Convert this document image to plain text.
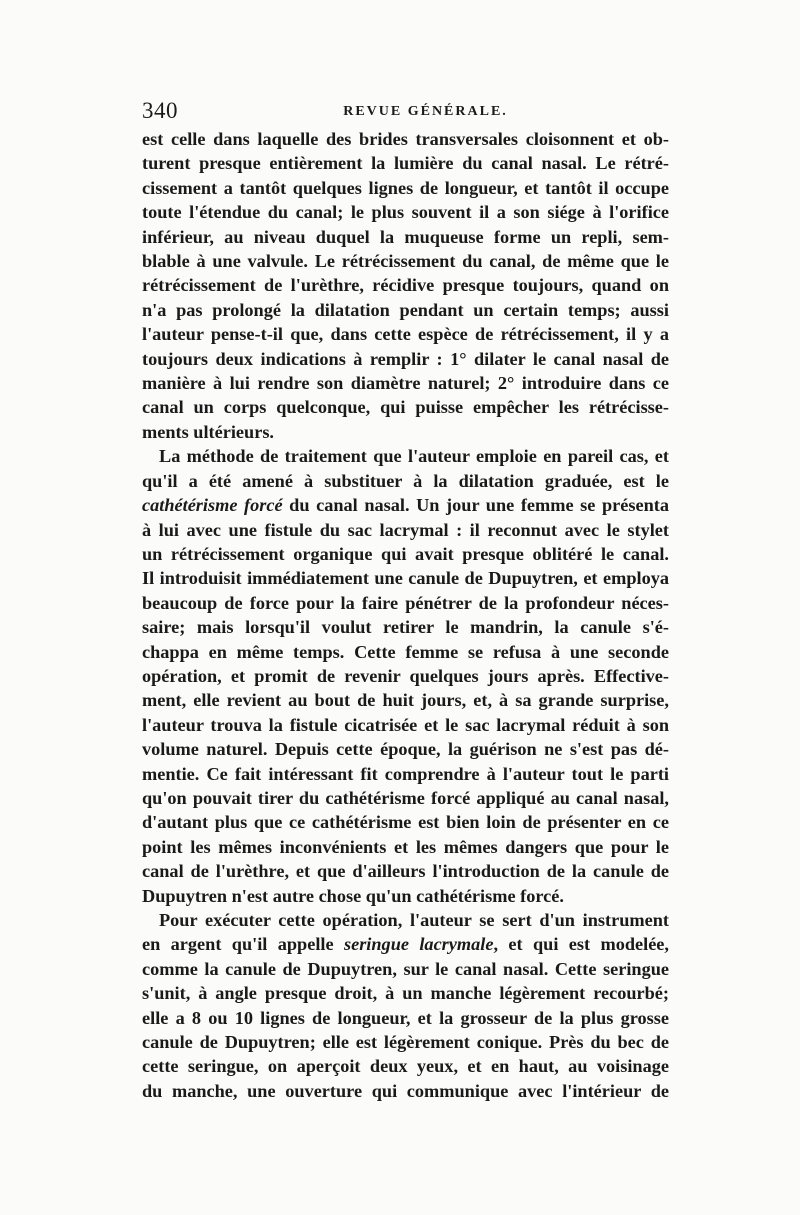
340	REVUE GÉNÉRALE.

est celle dans laquelle des brides transversales cloisonnent et ob-
turent presque entièrement la lumière du canal nasal. Le rétré-
cissement a tantôt quelques lignes de longueur, et tantôt il occupe
toute l'étendue du canal; le plus souvent il a son siége à l'orifice
inférieur, au niveau duquel la muqueuse forme un repli, sem-
blable à une valvule. Le rétrécissement du canal, de même que le
rétrécissement de l'urèthre, récidive presque toujours, quand on
n'a pas prolongé la dilatation pendant un certain temps; aussi
l'auteur pense-t-il que, dans cette espèce de rétrécissement, il y a
toujours deux indications à remplir : 1° dilater le canal nasal de
manière à lui rendre son diamètre naturel; 2° introduire dans ce
canal un corps quelconque, qui puisse empêcher les rétrécisse-
ments ultérieurs.

La méthode de traitement que l'auteur emploie en pareil cas, et
qu'il a été amené à substituer à la dilatation graduée, est le
cathétérisme forcé du canal nasal. Un jour une femme se présenta
à lui avec une fistule du sac lacrymal : il reconnut avec le stylet
un rétrécissement organique qui avait presque oblitéré le canal.
Il introduisit immédiatement une canule de Dupuytren, et employa
beaucoup de force pour la faire pénétrer de la profondeur néces-
saire; mais lorsqu'il voulut retirer le mandrin, la canule s'é-
chappa en même temps. Cette femme se refusa à une seconde
opération, et promit de revenir quelques jours après. Effective-
ment, elle revient au bout de huit jours, et, à sa grande surprise,
l'auteur trouva la fistule cicatrisée et le sac lacrymal réduit à son
volume naturel. Depuis cette époque, la guérison ne s'est pas dé-
mentie. Ce fait intéressant fit comprendre à l'auteur tout le parti
qu'on pouvait tirer du cathétérisme forcé appliqué au canal nasal,
d'autant plus que ce cathétérisme est bien loin de présenter en ce
point les mêmes inconvénients et les mêmes dangers que pour le
canal de l'urèthre, et que d'ailleurs l'introduction de la canule de
Dupuytren n'est autre chose qu'un cathétérisme forcé.

Pour exécuter cette opération, l'auteur se sert d'un instrument
en argent qu'il appelle seringue lacrymale, et qui est modelée,
comme la canule de Dupuytren, sur le canal nasal. Cette seringue
s'unit, à angle presque droit, à un manche légèrement recourbé;
elle a 8 ou 10 lignes de longueur, et la grosseur de la plus grosse
canule de Dupuytren; elle est légèrement conique. Près du bec de
cette seringue, on aperçoit deux yeux, et en haut, au voisinage
du manche, une ouverture qui communique avec l'intérieur de
